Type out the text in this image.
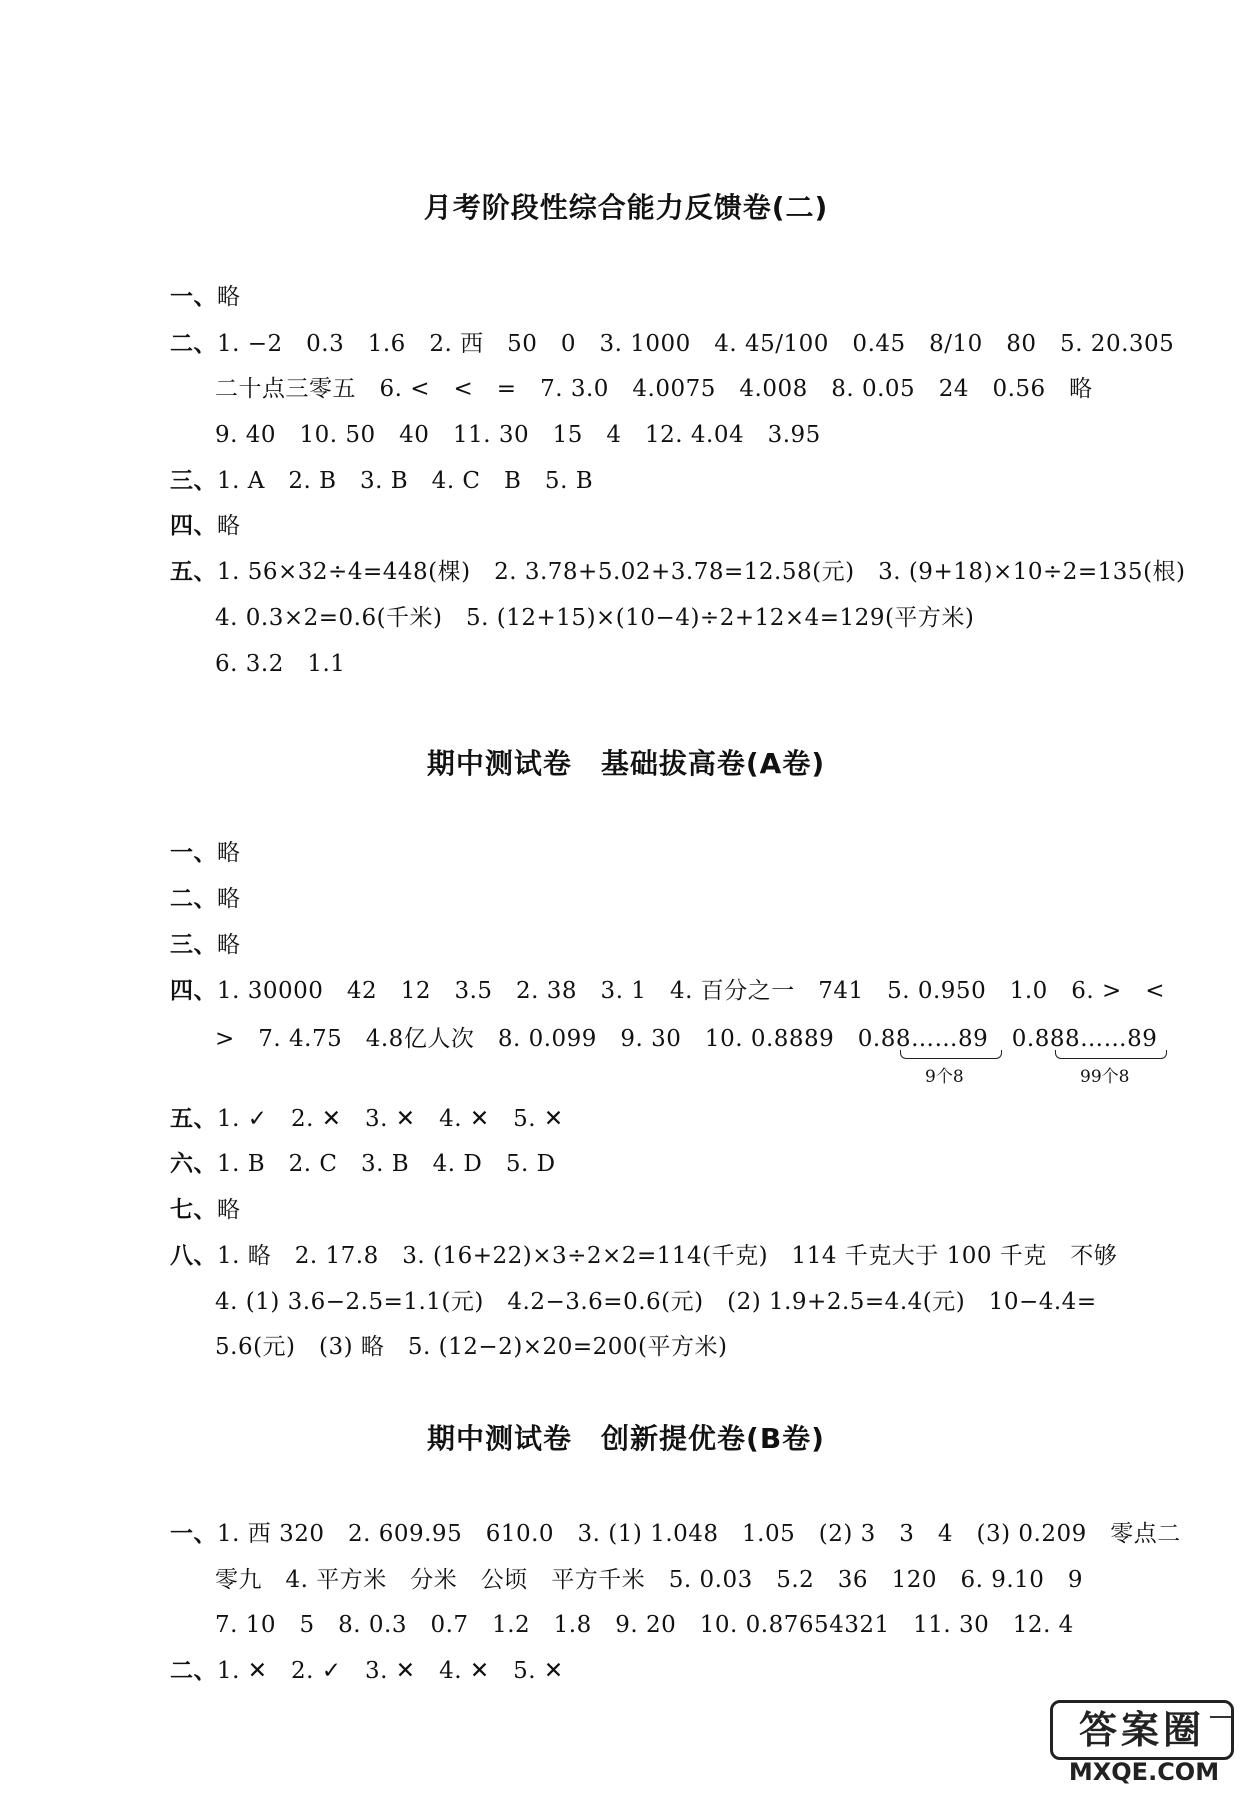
月考阶段性综合能力反馈卷(二)
一、略
二、1. −2　0.3　1.6　2. 西　50　0　3. 1000　4. 45/100　0.45　8/10　80　5. 20.305
二十点三零五　6. <　<　=　7. 3.0　4.0075　4.008　8. 0.05　24　0.56　略
9. 40　10. 50　40　11. 30　15　4　12. 4.04　3.95
三、1. A　2. B　3. B　4. C　B　5. B
四、略
五、1. 56×32÷4=448(棵)　2. 3.78+5.02+3.78=12.58(元)　3. (9+18)×10÷2=135(根)
4. 0.3×2=0.6(千米)　5. (12+15)×(10−4)÷2+12×4=129(平方米)
6. 3.2　1.1
期中测试卷　基础拔高卷(A卷)
一、略
二、略
三、略
四、1. 30000　42　12　3.5　2. 38　3. 1　4. 百分之一　741　5. 0.950　1.0　6. >　<
>　7. 4.75　4.8亿人次　8. 0.099　9. 30　10. 0.8889　0.88……89　0.888……89
9个8	99个8
五、1. ✓　2. ✕　3. ✕　4. ✕　5. ✕
六、1. B　2. C　3. B　4. D　5. D
七、略
八、1. 略　2. 17.8　3. (16+22)×3÷2×2=114(千克)　114 千克大于 100 千克　不够
4. (1) 3.6−2.5=1.1(元)　4.2−3.6=0.6(元)　(2) 1.9+2.5=4.4(元)　10−4.4=
5.6(元)　(3) 略　5. (12−2)×20=200(平方米)
期中测试卷　创新提优卷(B卷)
一、1. 西 320　2. 609.95　610.0　3. (1) 1.048　1.05　(2) 3　3　4　(3) 0.209　零点二
零九　4. 平方米　分米　公顷　平方千米　5. 0.03　5.2　36　120　6. 9.10　9
7. 10　5　8. 0.3　0.7　1.2　1.8　9. 20　10. 0.87654321　11. 30　12. 4
二、1. ✕　2. ✓　3. ✕　4. ✕　5. ✕
答案圈
MXQE.COM
